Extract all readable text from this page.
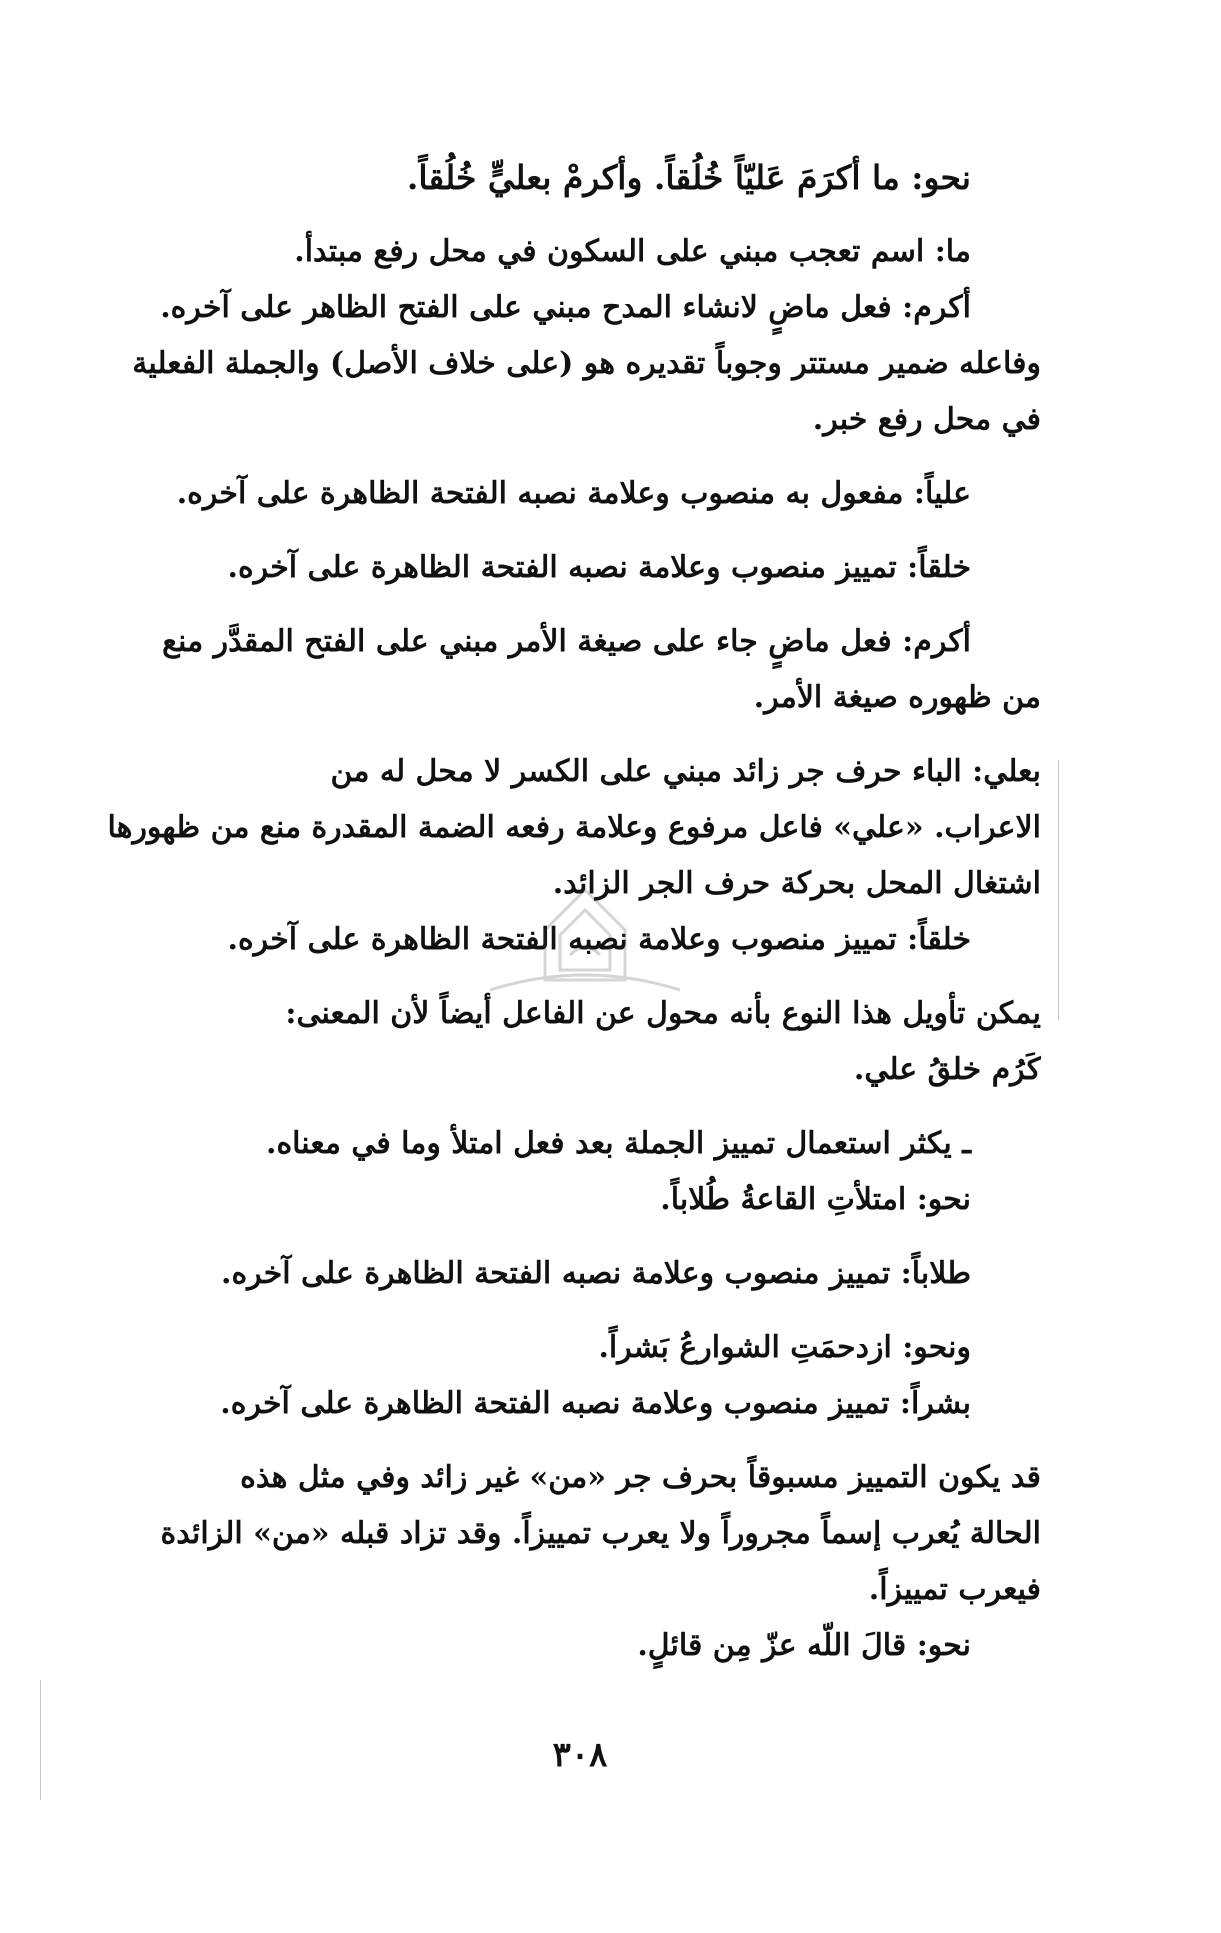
نحو: ما أكرَمَ عَليّاً خُلُقاً. وأكرمْ بعليٍّ خُلُقاً.
ما: اسم تعجب مبني على السكون في محل رفع مبتدأ.
أكرم: فعل ماضٍ لانشاء المدح مبني على الفتح الظاهر على آخره.
وفاعله ضمير مستتر وجوباً تقديره هو (على خلاف الأصل) والجملة الفعلية
في محل رفع خبر.
علياً: مفعول به منصوب وعلامة نصبه الفتحة الظاهرة على آخره.
خلقاً: تمييز منصوب وعلامة نصبه الفتحة الظاهرة على آخره.
أكرم: فعل ماضٍ جاء على صيغة الأمر مبني على الفتح المقدَّر منع
من ظهوره صيغة الأمر.
بعلي: الباء حرف جر زائد مبني على الكسر لا محل له من
الاعراب. «علي» فاعل مرفوع وعلامة رفعه الضمة المقدرة منع من ظهورها
اشتغال المحل بحركة حرف الجر الزائد.
خلقاً: تمييز منصوب وعلامة نصبه الفتحة الظاهرة على آخره.
يمكن تأويل هذا النوع بأنه محول عن الفاعل أيضاً لأن المعنى:
كَرُم خلقُ علي.
ـ يكثر استعمال تمييز الجملة بعد فعل امتلأ وما في معناه.
نحو: امتلأتِ القاعةُ طُلاباً.
طلاباً: تمييز منصوب وعلامة نصبه الفتحة الظاهرة على آخره.
ونحو: ازدحمَتِ الشوارعُ بَشراً.
بشراً: تمييز منصوب وعلامة نصبه الفتحة الظاهرة على آخره.
قد يكون التمييز مسبوقاً بحرف جر «من» غير زائد وفي مثل هذه
الحالة يُعرب إسماً مجروراً ولا يعرب تمييزاً. وقد تزاد قبله «من» الزائدة
فيعرب تمييزاً.
نحو: قالَ اللّه عزّ مِن قائلٍ.
٣٠٨
